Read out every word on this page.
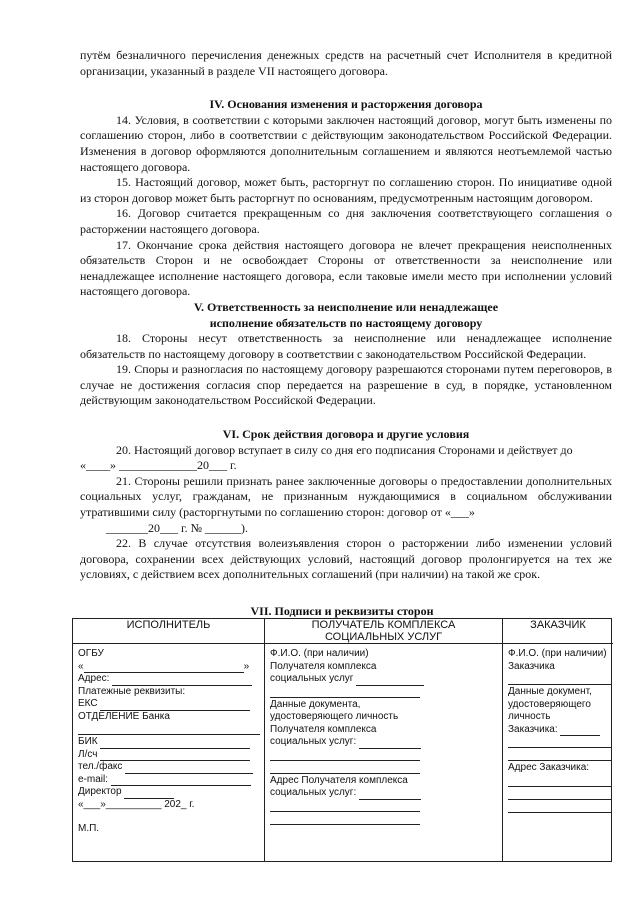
путём безналичного перечисления денежных средств на расчетный счет Исполнителя в кредитной организации, указанный в разделе VII настоящего договора.

IV. Основания изменения и расторжения договора

14. Условия, в соответствии с которыми заключен настоящий договор, могут быть изменены по соглашению сторон, либо в соответствии с действующим законодательством Российской Федерации. Изменения в договор оформляются дополнительным соглашением и являются неотъемлемой частью настоящего договора.

15. Настоящий договор, может быть, расторгнут по соглашению сторон. По инициативе одной из сторон договор может быть расторгнут по основаниям, предусмотренным настоящим договором.

16. Договор считается прекращенным со дня заключения соответствующего соглашения о расторжении настоящего договора.

17. Окончание срока действия настоящего договора не влечет прекращения неисполненных обязательств Сторон и не освобождает Стороны от ответственности за неисполнение или ненадлежащее исполнение настоящего договора, если таковые имели место при исполнении условий настоящего договора.

V. Ответственность за неисполнение или ненадлежащее
исполнение обязательств по настоящему договору

18. Стороны несут ответственность за неисполнение или ненадлежащее исполнение обязательств по настоящему договору в соответствии с законодательством Российской Федерации.

19. Споры и разногласия по настоящему договору разрешаются сторонами путем переговоров, в случае не достижения согласия спор передается на разрешение в суд, в порядке, установленном действующим законодательством Российской Федерации.

VI. Срок действия договора и другие условия

20. Настоящий договор вступает в силу со дня его подписания Сторонами и действует до

«____» _____________20___ г.

21. Стороны решили признать ранее заключенные договоры о предоставлении дополнительных социальных услуг, гражданам, не признанным нуждающимися в социальном обслуживании утратившими силу (расторгнутыми по соглашению сторон: договор от «___»

_______20___ г. № ______).

22. В случае отсутствия волеизъявления сторон о расторжении либо изменении условий договора, сохранении всех действующих условий, настоящий договор пролонгируется на тех же условиях, с действием всех дополнительных соглашений (при наличии) на такой же срок.

VII. Подписи и реквизиты сторон
ИСПОЛНИТЕЛЬ
ОГБУ
«	»
Адрес:
Платежные реквизиты:
ЕКС
ОТДЕЛЕНИЕ Банка
БИК
Л/сч
тел./факс
e-mail:
Директор
«___»__________ 202_ г.
М.П.
ПОЛУЧАТЕЛЬ КОМПЛЕКСА
СОЦИАЛЬНЫХ УСЛУГ
Ф.И.О. (при наличии)
Получателя комплекса
социальных услуг
Данные документа,
удостоверяющего личность
Получателя комплекса
социальных услуг:
Адрес Получателя комплекса
социальных услуг:
ЗАКАЗЧИК
Ф.И.О. (при наличии) Заказчика
Данные документ,
удостоверяющего личность
Заказчика:
Адрес Заказчика:
